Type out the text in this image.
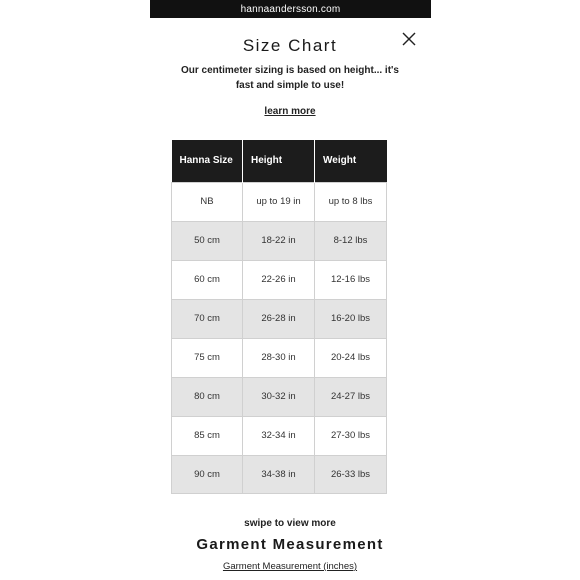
hannaandersson.com
Size Chart

Our centimeter sizing is based on height... it's fast and simple to use!

learn more
Hanna Size	Height	Weight
NB	up to 19 in	up to 8 lbs
50 cm	18-22 in	8-12 lbs
60 cm	22-26 in	12-16 lbs
70 cm	26-28 in	16-20 lbs
75 cm	28-30 in	20-24 lbs
80 cm	30-32 in	24-27 lbs
85 cm	32-34 in	27-30 lbs
90 cm	34-38 in	26-33 lbs

swipe to view more

Garment Measurement
Garment Measurement (inches)
